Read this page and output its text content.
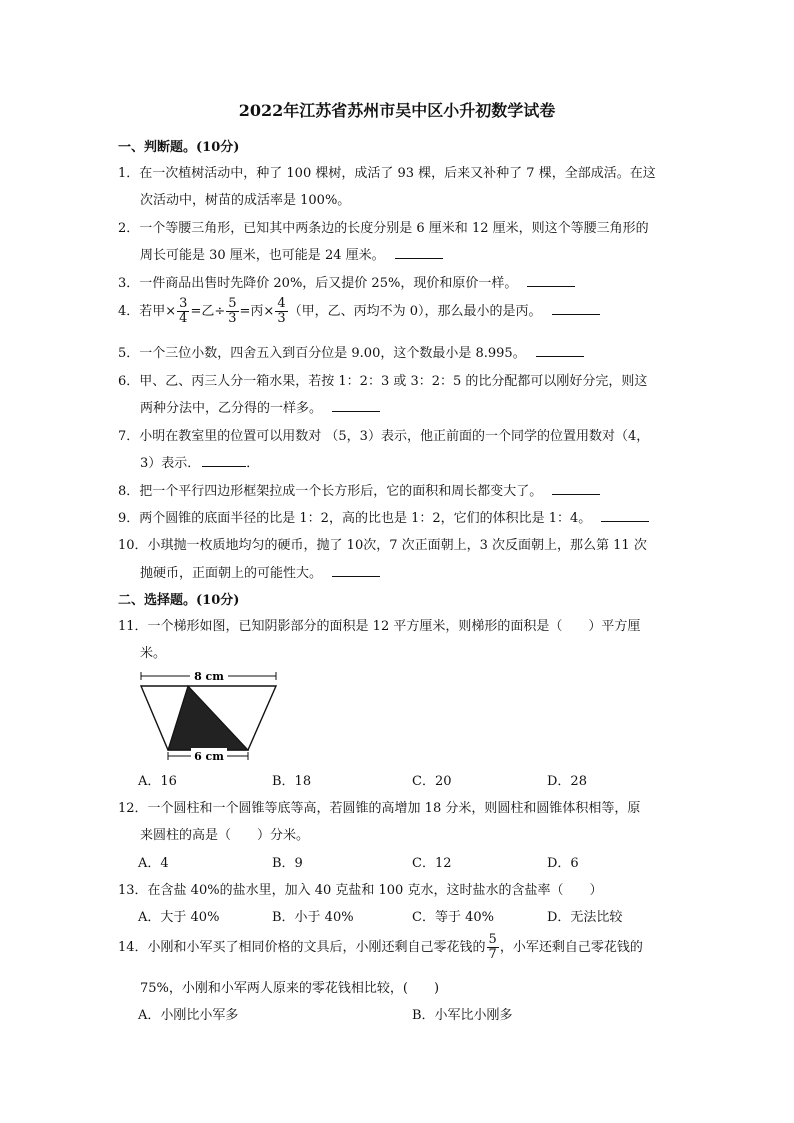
2022年江苏省苏州市吴中区小升初数学试卷
一、判断题。(10分)
1．在一次植树活动中，种了 100 棵树，成活了 93 棵，后来又补种了 7 棵，全部成活。在这
次活动中，树苗的成活率是 100%。
2．一个等腰三角形，已知其中两条边的长度分别是 6 厘米和 12 厘米，则这个等腰三角形的
周长可能是 30 厘米，也可能是 24 厘米。
3．一件商品出售时先降价 20%，后又提价 25%，现价和原价一样。
4．若甲× $\frac{3}{4}$ =乙÷ $\frac{5}{3}$ =丙× $\frac{4}{3}$ （甲，乙、丙均不为 0），那么最小的是丙。
5．一个三位小数，四舍五入到百分位是 9.00，这个数最小是 8.995。
6．甲、乙、丙三人分一箱水果，若按 1：2：3 或 3：2：5 的比分配都可以刚好分完，则这
两种分法中，乙分得的一样多。
7．小明在教室里的位置可以用数对 （5，3）表示，他正前面的一个同学的位置用数对（4，
3）表示．	．
8．把一个平行四边形框架拉成一个长方形后，它的面积和周长都变大了。
9．两个圆锥的底面半径的比是 1：2，高的比也是 1：2，它们的体积比是 1：4。
10．小琪抛一枚质地均匀的硬币，抛了 10次，7 次正面朝上，3 次反面朝上，那么第 11 次
抛硬币，正面朝上的可能性大。
二、选择题。(10分)
11．一个梯形如图，已知阴影部分的面积是 12 平方厘米，则梯形的面积是（　　）平方厘
米。
8 cm
6 cm
A．16	B．18	C．20	D．28
12．一个圆柱和一个圆锥等底等高，若圆锥的高增加 18 分米，则圆柱和圆锥体积相等，原
来圆柱的高是（　　）分米。
A．4	B．9	C．12	D．6
13．在含盐 40%的盐水里，加入 40 克盐和 100 克水，这时盐水的含盐率（　　）
A．大于 40%	B．小于 40%	C．等于 40%	D．无法比较
14．小刚和小军买了相同价格的文具后，小刚还剩自己零花钱的 $\frac{5}{7}$ ，小军还剩自己零花钱的
75%，小刚和小军两人原来的零花钱相比较，(　　)
A．小刚比小军多	B．小军比小刚多
